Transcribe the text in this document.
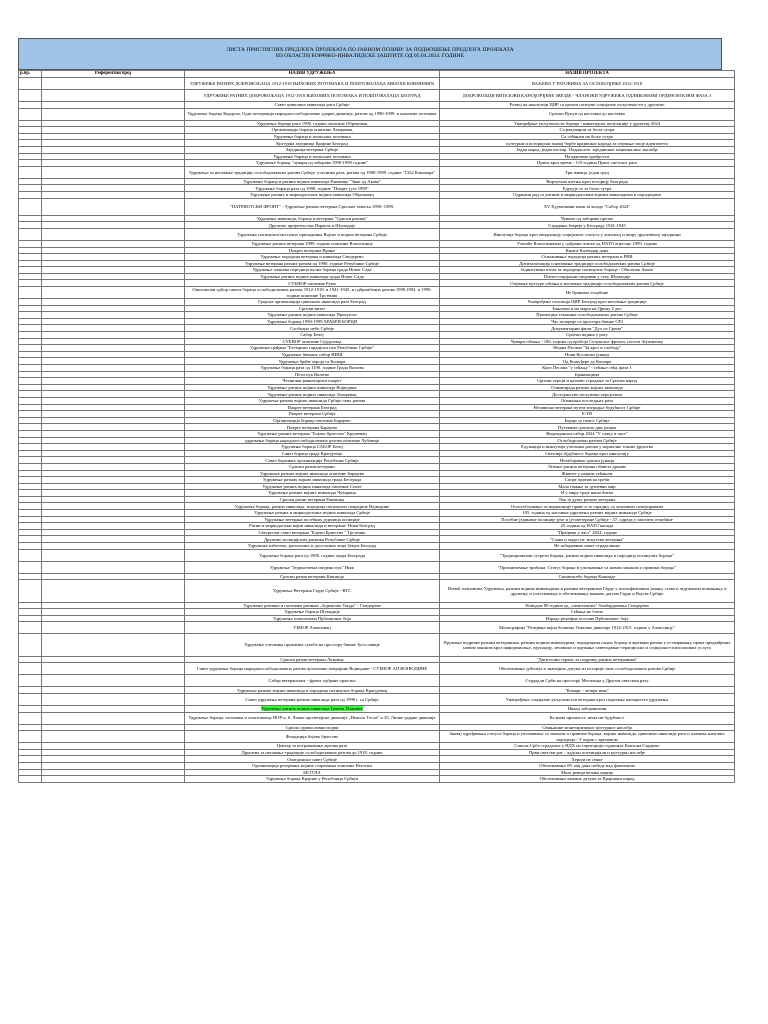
ЛИСТА ПРИСТИГЛИХ ПРЕДЛОГА ПРОЈЕКАТА ПО ЈАВНОМ ПОЗИВУ ЗА ПОДНОШЕЊЕ ПРЕДЛОГА ПРОЈЕКАТА
ИЗ ОБЛАСТИ БОРАЧКО-ИНВАЛИДСКЕ ЗАШТИТЕ ОД 05.04.2024. ГОДИНЕ
р.бр.	Референтни број	НАЗИВ УДРУЖЕЊА	НАЗИВ ПРОЈЕКТА
		УДРУЖЕЊЕ РАТНИХ ДОБРОВОЉАЦА 1912-1918 ЊИХОВИХ ПОТОМАКА И ПОШТОВАЛАЦА МИЛОШ КОВАЧЕВИЋ	ВАЉЕВО У РАТОВИМА ЗА ОСЛОБОЂЕЊЕ 1912-1918
		УДРУЖЕЊЕ РАТНИХ ДОБРОВОЉАЦА 1912-1918 ЊИХОВИХ ПОТОМАКА И ПОШТОВАЛАЦА БЕОГРАД	ДОБРОВОЉЦИ ВИТЕЗОВИ КАРАЂОРЂЕВЕ ЗВЕЗДЕ - ЧЛАНОВИ УДРУЖЕЊА ОДЛИКОВАНИ ОРДЕНОМ КЗВМ ФАЗА 3
		Савез цивилних инвалида рата Србије	Развој на инклузији ЦИР са циљем потпуне социјалне укључености у друштво
		Удружење бораца Кордуна, Одис ветерација народноослободилачке ударне дивизије, ратова од 1990-1999. и њихових потомака	Српски Вукуи од наставка до наставка
		Удружење бораца рата 1990. године општине Обреновац	Унапређење укључености бораца - инвалидске популације у друштву 2024
		Организација бораца општине Лазаревац	Са рачунаром за боље сутра
		Удружење бораца и поносних потомака	Са сећањем на боље сутра
		Културна заједница Крајине Београд	културни и историјски значај борбе крајишког народа за очување своје идентитета
		Заједница ветерана Србије	Један народ, један пастир. Поднаслов: заједничког националног наслеђа
		Удружење бораца и поносних потомака	На крилима храбрости
		Удружење бораца "чувари од заборава 1990-1999 године"	Прича кроз време - 110 година Првог светског рата
		Удружење за неговање традиције ослободилачких ратова Србије, учесника рата, ратова од 1990-1999. године "1322 Кашшара"	Три паваца, један град
		Удружење бораца и ратних војних инвалида Раковице "Знак од Акова"	Виртуелна шетња кроз историју Београда
		Удружење бораца рата од 1990. године "Покрет југа 1999"	Едукује се за боље сутра
		Удружење ратних и мирнодопских војних инвалида Обреновац	Одржани рад са ратним и мирнодопским војним инвалидима и породицама
		"ПАТРИОТСКИ ФРОНТ" - Удружење ратних ветерана Српских земаља 1990.-1999.	XV Едукативни камп за младе "Сабор 2024"
		Удружење инвалида, бораца и ветерана "Српски ратник"	Чувамо од заборава претке
		Друштво пријатељства Израела и Шумадије	Страдање Јевреја у Београду 1941-1945
		Удружење погинулих/несталих припадника Војске и војних ветерана Србије	Инклузија бораца кроз евиденцију социјалног статуса у локалној и ширу друштвеној заједници
		Удружење ратних ветерана 1999. године општине Власотинце	Учешће Власотинчана у одбрани земље од НАТО агресије 1999. године
		Покрет ветерана Врање	Књига-Календар дана
		Удружење породица ветерана и инвалида Смедерево	Оснаживање породица ратних ветерана и РВИ
		Удружење ветерана ратних ратова од 1990. године Републике Србије	Дигитализација и неговање традиције ослободилачких ратова Србије
		Удружење чланова породица палих бораца града Новог Сада	Јединствени излаз за породице погинулих бораца - Обилазак Анале
		Удружење ратних војних инвалида града Новог Сада	Психо-социјални опоравак у сеоу Шумадије
		СУБНОР општине Рума	Очување културе сећања и неговање традиције ослободилачких ратова Србије
		Општински одбор савеза бораца ослободилачких ратова 1912-1918. и 1941-1945. и одбрамбених ратова 1990.1992. и 1999. године општине Трстеник	Не бранимо отаџбине
		Градска организација цивилних инвалида рата Београд	Унапређење положаја ЦИР Београд кроз неговање традиције
		Српски витез	Бањички и на марш на Дрину 2 део
		Удружење ратних војних инвалида Прокупље	Промоција теконина ослободилачких ратова Србије
		Удружење бораца 1990-1999 ХРАБРИ БОРЦИ	Час историје са простора бивше СРЈ
		Слободно небо Србије	Документарни филм "Дух из Срема"
		Сабор Бечеј	Српски војник у рату
		СУБНОР општине Сурдулица	Чувари сећања - 106. година од пробоја Солунског фронта, посета Зејтинлику
		Удружење грађана "Бесмртни гардијски пук Републике Србије"	Зборна Песама "За крст и слободу"
		Удружење бивших сабор НИШ	Нови Косовски јунаци
		Удружење браће хероја са Кошара	Од Кошуђере до Кошара
		Удружење бораца рата од 1190. године Града Ваљева	Кроз Песама "у сећању" - сећање сећа, фаза 1
		Пети пук Ваљево	Браниоцима
		Четнички равногорски покрет	Српски хероји и њихово страдање за Српски народ
		Удружење ратних војних инвалида Војводине	Олимпијада ратних војних инвалида
		Удружење ратних војних инвалида Лазаревац	Достојанство заслужено херојством
		Удружење ратних војних инвалида Србије свих ратова	Опанчање последњих рата
		Покрет ветерана Београд	Независно ветерана путем изградње будућност Србије
		Покрет ветерана Србије	Е-ТВ
		Организација бораца општине Барајево	Борци су понос Србије
		Покрет ветерана Барајево	Путевима српских дин јунака
		Удружење ратних ветерана "Бојево братство" Крушевац	Видовдански сабор 2024 "У слаку и част"
		удружење бораца народноослободилачких ратова општине Лубовија	Ослободилачки ратови Србије
		Удружење бораца САБОР Бечеј	Едукација и инклузија учесника ратова у нормалне токове друштва
		Савез бораца града Крагујевца	Светлија будућност бораца кроз инклузију
		Савез борачких организација Републике Србије	Незаборавно српски јунаци
		Српски ратни ветерани	Лечење ратних ветерана обавеза државе
		Удружење ратних војних инвалида општине Барајево	Животе у нашим сећањем
		Удружење ратних војних инвалида града Београда	Спорт против ка среби
		Удружење ратних војних инвалида општине Сенте	Мало пажње за душевни мир
		Удружење ратних војних инвалида Чукарица	И у миру траје наша битка
		Српски ратни ветерани Раковица	Лек за душу ратних ветерана
		Удружење бораца, ратних инвалида, породица погинулих покрајине Војводине	Оспособљавање за нормалније праве и за сарадњу са локалним самоуправама
		Удружење ратних и мирнодопских војних инвалида Србије	105. година од наставка удружења ратних војних инвалида Србије
		Удружење ветерана посебних јединица полиције	Посебне јединице полиције јуче и јутоветеране Србије - 37. одреда у заштити отаџбине
		Ратни и мирнодопски војни инвалиди и ветерани- Нови Београд	25 година од НАТО напада
		Свесрпски савез ветерана "Бојево Братство " Трстеник	"Прецима у част" 2024. године
		Друштво полицијских ратника Републике Србије	"Слава и мадости- искуство ветерана"
		Удружење избеглих, расељених и досељених лица Земун Београд	Не заборавимо наше страдалнике
		Удружење бораца рата од 1990. године града Београда	"Традиционални сусрети бораца, ратних војних инвалида и породица погинулих бораца"
		Удружење "Јединствени сведени пук" Ниш	"Организовање трибина: Статус бораца и упознавање са новим законом о правима бораца"
		Српски ратни ветерани Кикинда	Споменсебо бораца Кикинде
		Удружење Ветерана Гарде Србије - ВГС	Помоћ члановима Удружења, ратним војним инвалидима и ратним ветеранима Гарде у психофизичком јачању става и задуженом помињању и дружењу и учествовању и обележавању важних датума Гарде и Војске Србије
		Удружење ратника и потомака ратника „Јединство Тонда" - Смедерево	Поводом 80 година од „симптичних" бомбардовања Смедерева
		Удружење бораца Шумадије	Сећања не блеле
		Удружење покољевача Прбомичког боја	Израда рељефне поставе Прбомичког боја
		УБНОР Алексинац	Монографија "Резервна војна болница Тимочке дивизије 1914-1915. године у Алексинцу"
		Удружење учесника оружаних сукоба на простору бивше Југославије	Пружање подршке ратним ветеранима, ратним војним инвалидима, породицама палих бораца и жртвама ратова у остваривању права предвиђених новим законом кроз информисање, едукацију, лечаваље и пружање саветодавно-терапијских и социјално-психолошких услуга
		Српски ратни ветерани Лозница	"Дигитални сервис за подршку ратних ветеранима"
		Савез удружења бораца народноослободилачких ратова аутономне покрајине Војводине - СУБНОР АП ВОЈВОДИНЕ	Обележавање јубилеја и значајних датума из историје свих ослободилачких ратова Србије
		Сабор ветеранских - фронт одбране оржстка	Стрдадли Срби на простору Мегилица у Другом светском рату
		Удружење ратних војних инвалида и породица погинулих бораца Крагујевац	"Комарс - четврт века"
		Савез удружења ветерана-ратних инвалида рата од 1990 г. са Србије	Унапређење социјалне укључености ветерана кроз подизање капацитета удружења
		Удружење ратних војних инвалида Грмеча Планина	Никад заборављени
		Удружење бораца, потомака и поштоваоца НОР-а, 6. Личке пролетерске дивизије „Никола Тесла" и 35. Личке ударне дивизије	Ко нема прошлост, нема ни будућност
		Српско православни подви	Свињашне монетаризшког културног наслеђа
		Фондација бојево братство	Значај одређивања статуса бораца и упознавање са законом о правима бораца, војних инвалида, цивилних инвалида рата и чланова њихових породица - У корак с временом
		Центар за истраживање жртава рата	Списак Срба страдалих у НДХ на територији садашњег Кантона Сарајево
		Друштво за неговање традиције ослободилачких ратова до 1918. године	Први светски рат : људски потенцијали и културно наслеђе
		Опатдински савез Србије	Хероји из сенке
		Организација резервних војних старешина општине Неготин	Обележавање 09. мај дана победе над фашизмом
		БЕТУЛА	Мала ревија велика нација
		Удружење бораца Крајине у Републици Србији	Обележавање важних датума за Крајишки народ
